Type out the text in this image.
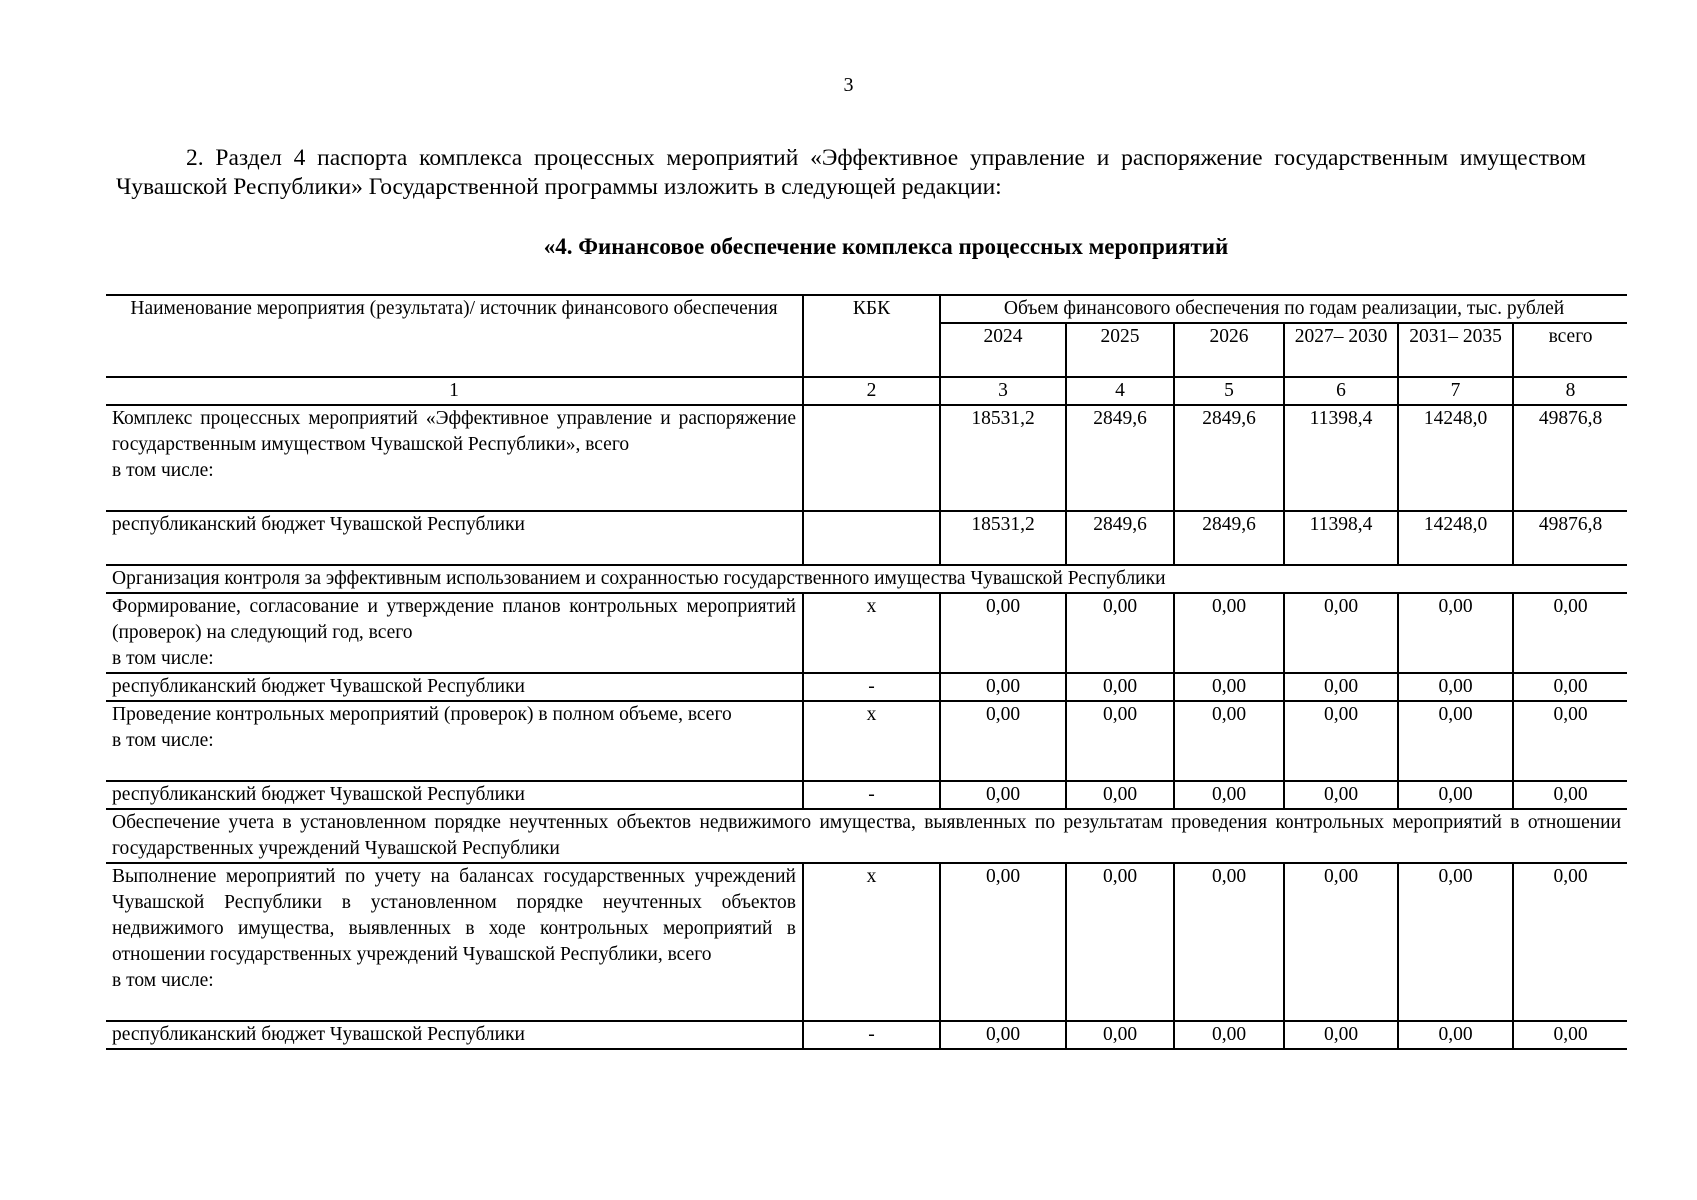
3
2. Раздел 4 паспорта комплекса процессных мероприятий «Эффективное управление и распоряжение государственным имуществом Чувашской Республики» Государственной программы изложить в следующей редакции:
«4. Финансовое обеспечение комплекса процессных мероприятий
Наименование мероприятия (результата)/ источник финансового обеспечения	КБК	Объем финансового обеспечения по годам реализации, тыс. рублей					
		2024	2025	2026	2027– 2030	2031– 2035	всего
1	2	3	4	5	6	7	8

Комплекс процессных мероприятий «Эффективное управление и распоряжение государственным имуществом Чувашской Республики», всего
в том числе:		18531,2	2849,6	2849,6	11398,4	14248,0	49876,8
республиканский бюджет Чувашской Республики		18531,2	2849,6	2849,6	11398,4	14248,0	49876,8
Организация контроля за эффективным использованием и сохранностью государственного имущества Чувашской Республики							

Формирование, согласование и утверждение планов контрольных мероприятий (проверок) на следующий год, всего
в том числе:	x	0,00	0,00	0,00	0,00	0,00	0,00
республиканский бюджет Чувашской Республики	-	0,00	0,00	0,00	0,00	0,00	0,00

Проведение контрольных мероприятий (проверок) в полном объеме, всего
в том числе:	x	0,00	0,00	0,00	0,00	0,00	0,00
республиканский бюджет Чувашской Республики	-	0,00	0,00	0,00	0,00	0,00	0,00
Обеспечение учета в установленном порядке неучтенных объектов недвижимого имущества, выявленных по результатам проведения контрольных мероприятий в отношении государственных учреждений Чувашской Республики							

Выполнение мероприятий по учету на балансах государственных учреждений Чувашской Республики в установленном порядке неучтенных объектов недвижимого имущества, выявленных в ходе контрольных мероприятий в отношении государственных учреждений Чувашской Республики, всего
в том числе:	x	0,00	0,00	0,00	0,00	0,00	0,00
республиканский бюджет Чувашской Республики	-	0,00	0,00	0,00	0,00	0,00	0,00
